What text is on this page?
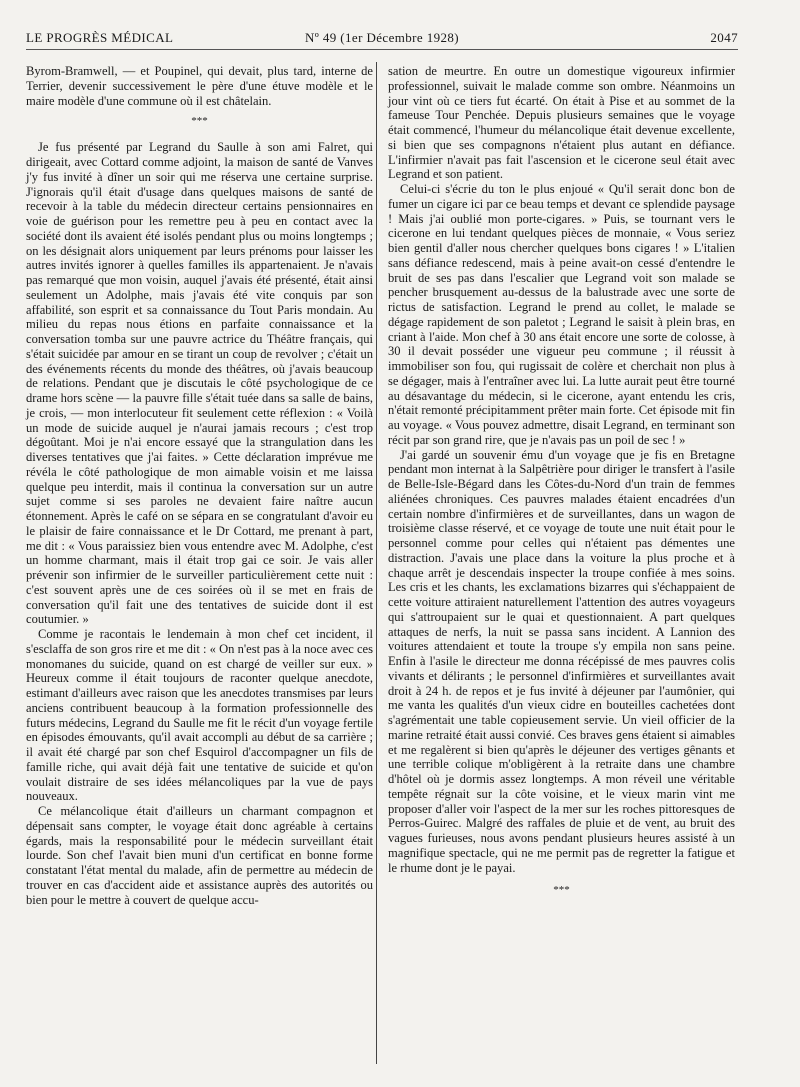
LE PROGRÈS MÉDICAL	Nº 49 (1er Décembre 1928)	2047

Byrom-Bramwell, — et Poupinel, qui devait, plus tard, interne de Terrier, devenir successivement le père d'une étuve modèle et le maire modèle d'une commune où il est châtelain.

***

Je fus présenté par Legrand du Saulle à son ami Falret, qui dirigeait, avec Cottard comme adjoint, la maison de santé de Vanves j'y fus invité à dîner un soir qui me réserva une certaine surprise. J'ignorais qu'il était d'usage dans quelques maisons de santé de recevoir à la table du médecin directeur certains pensionnaires en voie de guérison pour les remettre peu à peu en contact avec la société dont ils avaient été isolés pendant plus ou moins longtemps ; on les désignait alors uniquement par leurs prénoms pour laisser les autres invités ignorer à quelles familles ils appartenaient. Je n'avais pas remarqué que mon voisin, auquel j'avais été présenté, était ainsi seulement un Adolphe, mais j'avais été vite conquis par son affabilité, son esprit et sa connaissance du Tout Paris mondain. Au milieu du repas nous étions en parfaite connaissance et la conversation tomba sur une pauvre actrice du Théâtre français, qui s'était suicidée par amour en se tirant un coup de revolver ; c'était un des événements récents du monde des théâtres, où j'avais beaucoup de relations. Pendant que je discutais le côté psychologique de ce drame hors scène — la pauvre fille s'était tuée dans sa salle de bains, je crois, — mon interlocuteur fit seulement cette réflexion : « Voilà un mode de suicide auquel je n'aurai jamais recours ; c'est trop dégoûtant. Moi je n'ai encore essayé que la strangulation dans les diverses tentatives que j'ai faites. » Cette déclaration imprévue me révéla le côté pathologique de mon aimable voisin et me laissa quelque peu interdit, mais il continua la conversation sur un autre sujet comme si ses paroles ne devaient faire naître aucun étonnement. Après le café on se sépara en se congratulant d'avoir eu le plaisir de faire connaissance et le Dr Cottard, me prenant à part, me dit : « Vous paraissiez bien vous entendre avec M. Adolphe, c'est un homme charmant, mais il était trop gai ce soir. Je vais aller prévenir son infirmier de le surveiller particulièrement cette nuit : c'est souvent après une de ces soirées où il se met en frais de conversation qu'il fait une des tentatives de suicide dont il est coutumier. »

Comme je racontais le lendemain à mon chef cet incident, il s'esclaffa de son gros rire et me dit : « On n'est pas à la noce avec ces monomanes du suicide, quand on est chargé de veiller sur eux. » Heureux comme il était toujours de raconter quelque anecdote, estimant d'ailleurs avec raison que les anecdotes transmises par leurs anciens contribuent beaucoup à la formation professionnelle des futurs médecins, Legrand du Saulle me fit le récit d'un voyage fertile en épisodes émouvants, qu'il avait accompli au début de sa carrière ; il avait été chargé par son chef Esquirol d'accompagner un fils de famille riche, qui avait déjà fait une tentative de suicide et qu'on voulait distraire de ses idées mélancoliques par la vue de pays nouveaux.

Ce mélancolique était d'ailleurs un charmant compagnon et dépensait sans compter, le voyage était donc agréable à certains égards, mais la responsabilité pour le médecin surveillant était lourde. Son chef l'avait bien muni d'un certificat en bonne forme constatant l'état mental du malade, afin de permettre au médecin de trouver en cas d'accident aide et assistance auprès des autorités ou bien pour le mettre à couvert de quelque accu-

sation de meurtre. En outre un domestique vigoureux infirmier professionnel, suivait le malade comme son ombre. Néanmoins un jour vint où ce tiers fut écarté. On était à Pise et au sommet de la fameuse Tour Penchée. Depuis plusieurs semaines que le voyage était commencé, l'humeur du mélancolique était devenue excellente, si bien que ses compagnons n'étaient plus autant en défiance. L'infirmier n'avait pas fait l'ascension et le cicerone seul était avec Legrand et son patient.

Celui-ci s'écrie du ton le plus enjoué « Qu'il serait donc bon de fumer un cigare ici par ce beau temps et devant ce splendide paysage ! Mais j'ai oublié mon porte-cigares. » Puis, se tournant vers le cicerone en lui tendant quelques pièces de monnaie, « Vous seriez bien gentil d'aller nous chercher quelques bons cigares ! » L'italien sans défiance redescend, mais à peine avait-on cessé d'entendre le bruit de ses pas dans l'escalier que Legrand voit son malade se pencher brusquement au-dessus de la balustrade avec une sorte de rictus de satisfaction. Legrand le prend au collet, le malade se dégage rapidement de son paletot ; Legrand le saisit à plein bras, en criant à l'aide. Mon chef à 30 ans était encore une sorte de colosse, à 30 il devait posséder une vigueur peu commune ; il réussit à immobiliser son fou, qui rugissait de colère et cherchait non plus à se dégager, mais à l'entraîner avec lui. La lutte aurait peut être tourné au désavantage du médecin, si le cicerone, ayant entendu les cris, n'était remonté précipitamment prêter main forte. Cet épisode mit fin au voyage. « Vous pouvez admettre, disait Legrand, en terminant son récit par son grand rire, que je n'avais pas un poil de sec ! »

J'ai gardé un souvenir ému d'un voyage que je fis en Bretagne pendant mon internat à la Salpêtrière pour diriger le transfert à l'asile de Belle-Isle-Bégard dans les Côtes-du-Nord d'un train de femmes aliénées chroniques. Ces pauvres malades étaient encadrées d'un certain nombre d'infirmières et de surveillantes, dans un wagon de troisième classe réservé, et ce voyage de toute une nuit était pour le personnel comme pour celles qui n'étaient pas démentes une distraction. J'avais une place dans la voiture la plus proche et à chaque arrêt je descendais inspecter la troupe confiée à mes soins. Les cris et les chants, les exclamations bizarres qui s'échappaient de cette voiture attiraient naturellement l'attention des autres voyageurs qui s'attroupaient sur le quai et questionnaient. A part quelques attaques de nerfs, la nuit se passa sans incident. A Lannion des voitures attendaient et toute la troupe s'y empila non sans peine. Enfin à l'asile le directeur me donna récépissé de mes pauvres colis vivants et délirants ; le personnel d'infirmières et surveillantes avait droit à 24 h. de repos et je fus invité à déjeuner par l'aumônier, qui me vanta les qualités d'un vieux cidre en bouteilles cachetées dont s'agrémentait une table copieusement servie. Un vieil officier de la marine retraité était aussi convié. Ces braves gens étaient si aimables et me regalèrent si bien qu'après le déjeuner des vertiges gênants et une terrible colique m'obligèrent à la retraite dans une chambre d'hôtel où je dormis assez longtemps. A mon réveil une véritable tempête régnait sur la côte voisine, et le vieux marin vint me proposer d'aller voir l'aspect de la mer sur les roches pittoresques de Perros-Guirec. Malgré des raffales de pluie et de vent, au bruit des vagues furieuses, nous avons pendant plusieurs heures assisté à un magnifique spectacle, qui ne me permit pas de regretter la fatigue et le rhume dont je le payai.

***
